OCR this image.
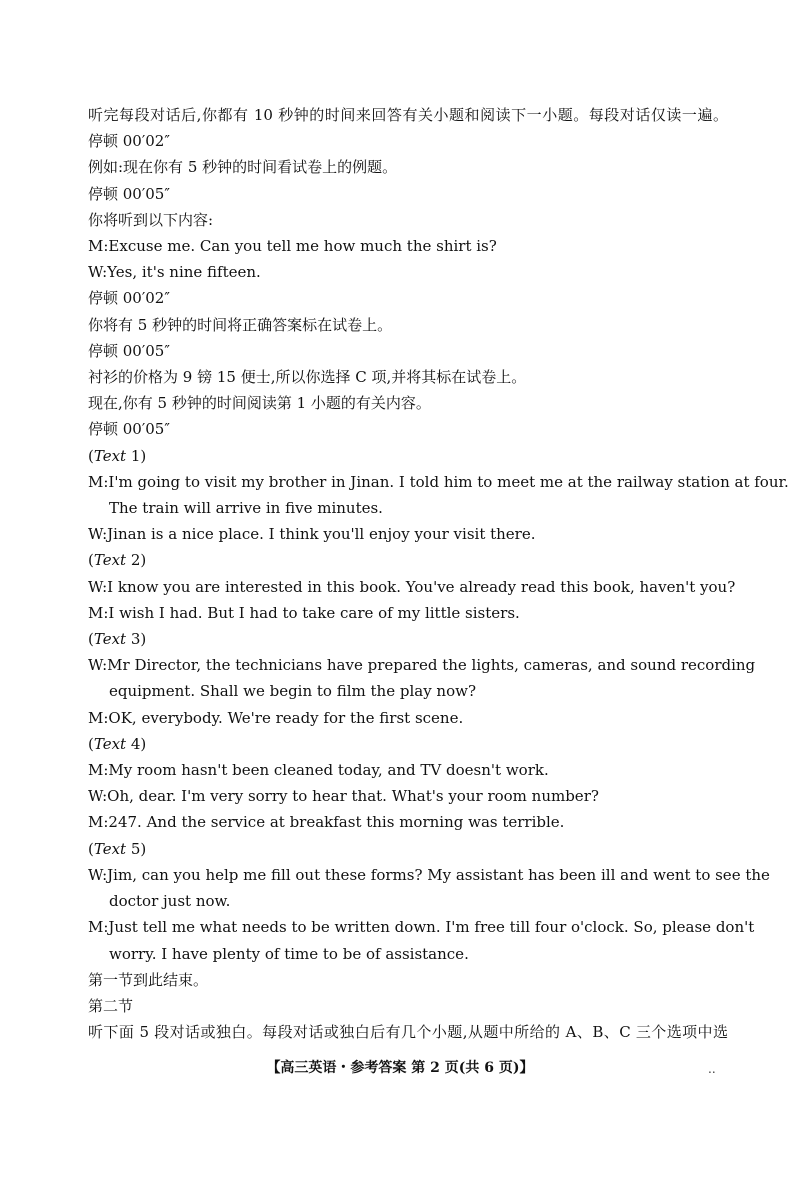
听完每段对话后,你都有 10 秒钟的时间来回答有关小题和阅读下一小题。每段对话仅读一遍。
停顿 00′02″
例如:现在你有 5 秒钟的时间看试卷上的例题。
停顿 00′05″
你将听到以下内容:
M:Excuse me. Can you tell me how much the shirt is?
W:Yes, it's nine fifteen.
停顿 00′02″
你将有 5 秒钟的时间将正确答案标在试卷上。
停顿 00′05″
衬衫的价格为 9 镑 15 便士,所以你选择 C 项,并将其标在试卷上。
现在,你有 5 秒钟的时间阅读第 1 小题的有关内容。
停顿 00′05″
(Text 1)
M:I'm going to visit my brother in Jinan. I told him to meet me at the railway station at four.
The train will arrive in five minutes.
W:Jinan is a nice place. I think you'll enjoy your visit there.
(Text 2)
W:I know you are interested in this book. You've already read this book, haven't you?
M:I wish I had. But I had to take care of my little sisters.
(Text 3)
W:Mr Director, the technicians have prepared the lights, cameras, and sound recording
equipment. Shall we begin to film the play now?
M:OK, everybody. We're ready for the first scene.
(Text 4)
M:My room hasn't been cleaned today, and TV doesn't work.
W:Oh, dear. I'm very sorry to hear that. What's your room number?
M:247. And the service at breakfast this morning was terrible.
(Text 5)
W:Jim, can you help me fill out these forms? My assistant has been ill and went to see the
doctor just now.
M:Just tell me what needs to be written down. I'm free till four o'clock. So, please don't
worry. I have plenty of time to be of assistance.
第一节到此结束。
第二节
听下面 5 段对话或独白。每段对话或独白后有几个小题,从题中所给的 A、B、C 三个选项中选
【高三英语・参考答案 第 2 页(共 6 页)】	..
